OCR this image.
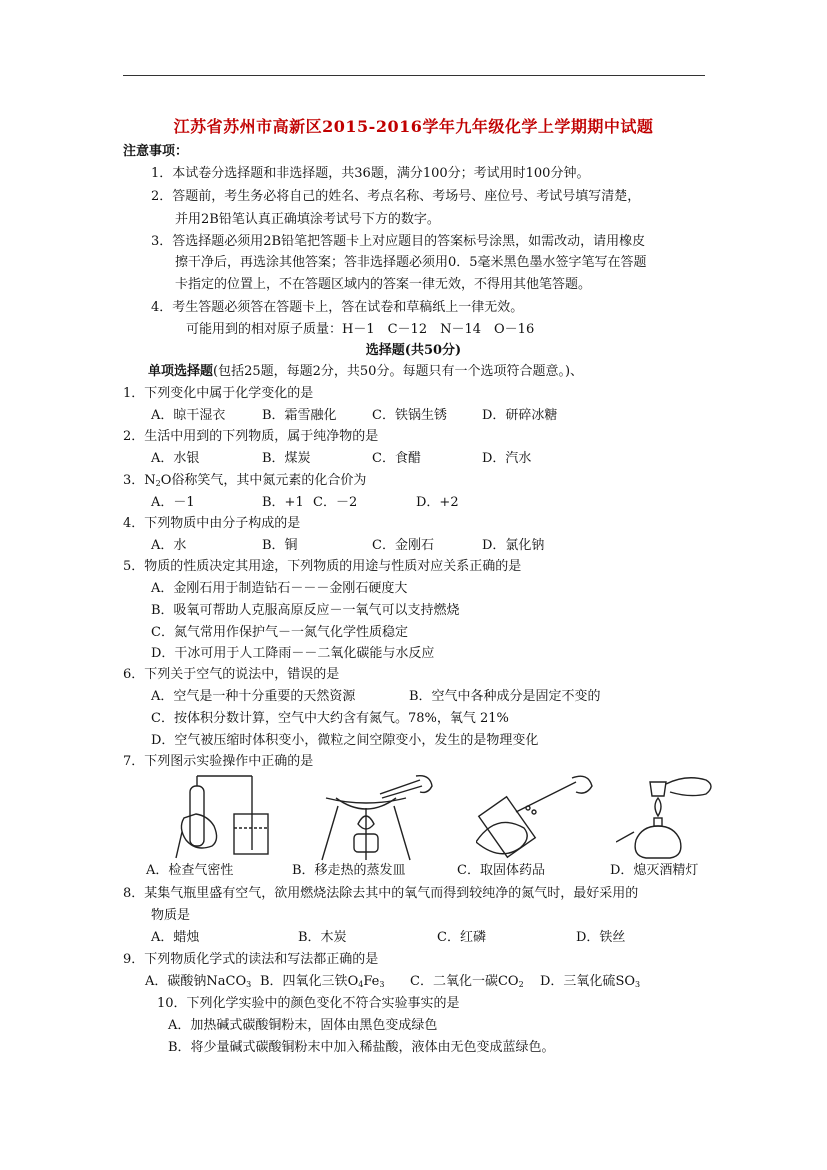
江苏省苏州市高新区2015-2016学年九年级化学上学期期中试题
注意事项：
1．本试卷分选择题和非选择题，共36题，满分100分；考试用时100分钟。
2．答题前，考生务必将自己的姓名、考点名称、考场号、座位号、考试号填写清楚，
并用2B铅笔认真正确填涂考试号下方的数字。
3．答选择题必须用2B铅笔把答题卡上对应题目的答案标号涂黑，如需改动，请用橡皮
擦干净后，再选涂其他答案；答非选择题必须用0．5毫米黑色墨水签字笔写在答题
卡指定的位置上，不在答题区域内的答案一律无效，不得用其他笔答题。
4．考生答题必须答在答题卡上，答在试卷和草稿纸上一律无效。
可能用到的相对原子质量：H－1　C－12　N－14　O－16
选择题(共50分)
单项选择题(包括25题，每题2分，共50分。每题只有一个选项符合题意。)、
1．下列变化中属于化学变化的是
A．晾干湿衣	B．霜雪融化	C．铁锅生锈	D．研碎冰糖
2．生活中用到的下列物质，属于纯净物的是
A．水银	B．煤炭	C．食醋	D．汽水
3．$N_2O$俗称笑气，其中氮元素的化合价为
A．－1	B．+1 C．－2	D．+2
4．下列物质中由分子构成的是
A．水	B．铜	C．金刚石	D．氯化钠
5．物质的性质决定其用途，下列物质的用途与性质对应关系正确的是
A．金刚石用于制造钻石－－－金刚石硬度大
B．吸氧可帮助人克服高原反应－一氧气可以支持燃烧
C．氮气常用作保护气－一氮气化学性质稳定
D．干冰可用于人工降雨－－二氧化碳能与水反应
6．下列关于空气的说法中，错误的是
A．空气是一种十分重要的天然资源	B．空气中各种成分是固定不变的
C．按体积分数计算，空气中大约含有氮气。78%，氧气 21%
D．空气被压缩时体积变小，微粒之间空隙变小，发生的是物理变化
7．下列图示实验操作中正确的是
A．检查气密性	B．移走热的蒸发皿	C．取固体药品	D．熄灭酒精灯
8．某集气瓶里盛有空气，欲用燃烧法除去其中的氧气而得到较纯净的氮气时，最好采用的
物质是
A．蜡烛	B．木炭	C．红磷	D．铁丝
9．下列物质化学式的读法和写法都正确的是
A．碳酸钠NaCO$_3$ B．四氧化三铁$O_4Fe_3$ C．二氧化一碳$CO_2$ D．三氧化硫$SO_3$
10．下列化学实验中的颜色变化不符合实验事实的是
A．加热碱式碳酸铜粉末，固体由黑色变成绿色
B．将少量碱式碳酸铜粉末中加入稀盐酸，液体由无色变成蓝绿色。
